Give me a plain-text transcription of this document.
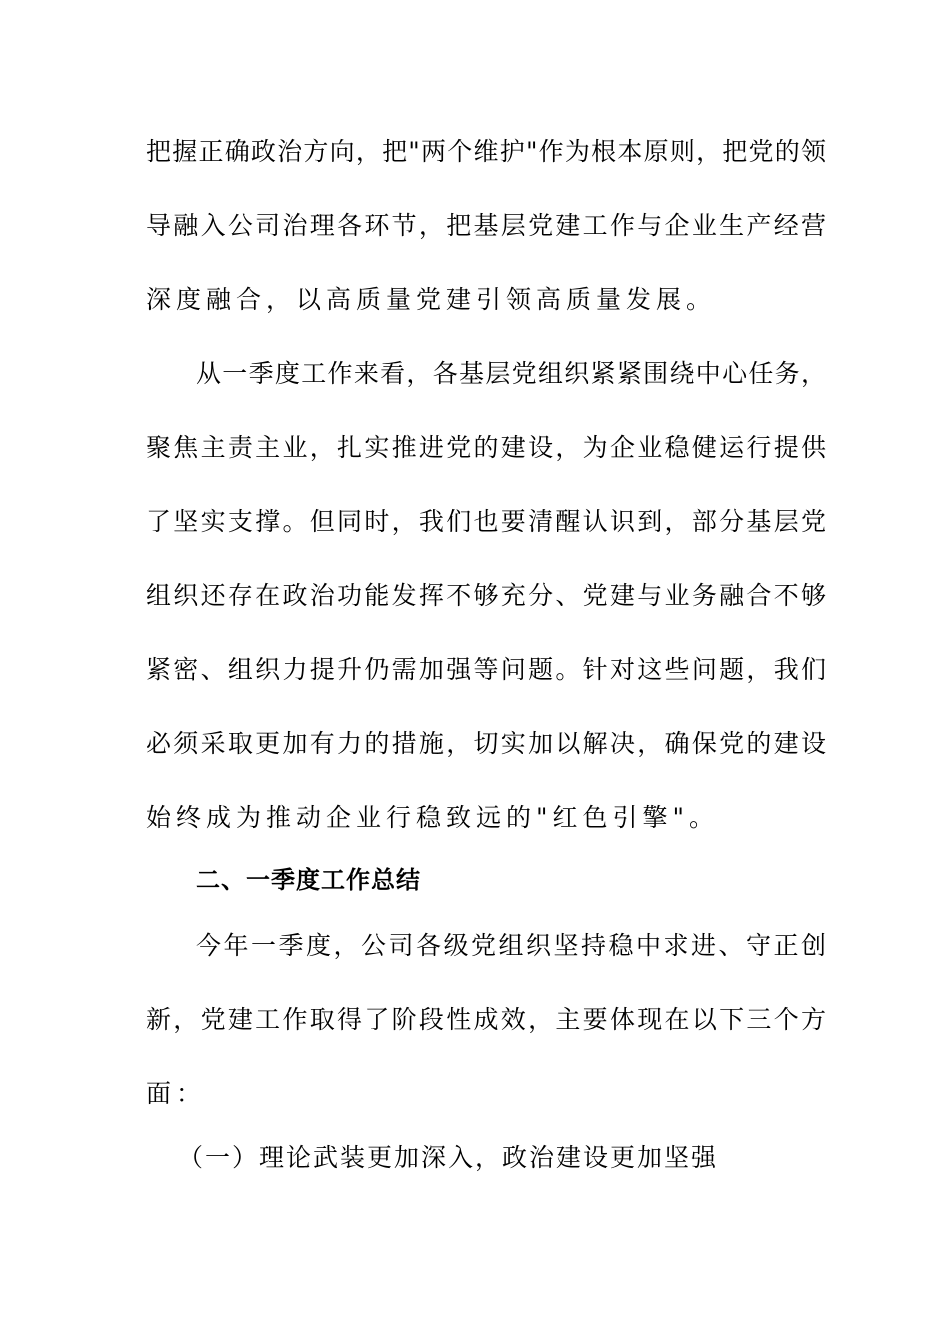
把握正确政治方向，把"两个维护"作为根本原则，把党的领
导融入公司治理各环节，把基层党建工作与企业生产经营
深度融合，以高质量党建引领高质量发展。
从一季度工作来看，各基层党组织紧紧围绕中心任务，
聚焦主责主业，扎实推进党的建设，为企业稳健运行提供
了坚实支撑。但同时，我们也要清醒认识到，部分基层党
组织还存在政治功能发挥不够充分、党建与业务融合不够
紧密、组织力提升仍需加强等问题。针对这些问题，我们
必须采取更加有力的措施，切实加以解决，确保党的建设
始终成为推动企业行稳致远的"红色引擎"。
二、一季度工作总结
今年一季度，公司各级党组织坚持稳中求进、守正创
新，党建工作取得了阶段性成效，主要体现在以下三个方
面：
（一）理论武装更加深入，政治建设更加坚强
